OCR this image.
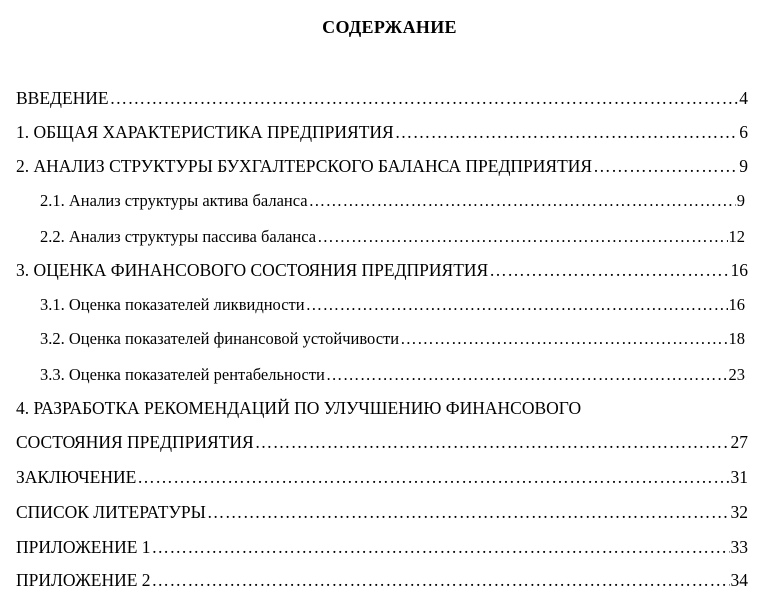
СОДЕРЖАНИЕ
ВВЕДЕНИЕ ……………………………………………………………………………………………………………………………………………………………………………………	4
1. ОБЩАЯ ХАРАКТЕРИСТИКА ПРЕДПРИЯТИЯ ……………………………………………………………………………………………………………………………………………………………………………………	6
2. АНАЛИЗ СТРУКТУРЫ БУХГАЛТЕРСКОГО БАЛАНСА ПРЕДПРИЯТИЯ ……………………………………………………………………………………………………………………………………………………………………………………	9
2.1. Анализ структуры актива баланса ……………………………………………………………………………………………………………………………………………………………………………………	9
2.2. Анализ структуры пассива баланса ……………………………………………………………………………………………………………………………………………………………………………………	12
3. ОЦЕНКА ФИНАНСОВОГО СОСТОЯНИЯ ПРЕДПРИЯТИЯ ……………………………………………………………………………………………………………………………………………………………………………………	16
3.1. Оценка показателей ликвидности ……………………………………………………………………………………………………………………………………………………………………………………	16
3.2. Оценка показателей финансовой устойчивости ……………………………………………………………………………………………………………………………………………………………………………………	18
3.3. Оценка показателей рентабельности ……………………………………………………………………………………………………………………………………………………………………………………	23
4. РАЗРАБОТКА РЕКОМЕНДАЦИЙ ПО УЛУЧШЕНИЮ ФИНАНСОВОГО
СОСТОЯНИЯ ПРЕДПРИЯТИЯ ……………………………………………………………………………………………………………………………………………………………………………………	27
ЗАКЛЮЧЕНИЕ ……………………………………………………………………………………………………………………………………………………………………………………	31
СПИСОК ЛИТЕРАТУРЫ ……………………………………………………………………………………………………………………………………………………………………………………	32
ПРИЛОЖЕНИЕ 1 ……………………………………………………………………………………………………………………………………………………………………………………	33
ПРИЛОЖЕНИЕ 2 ……………………………………………………………………………………………………………………………………………………………………………………	34
